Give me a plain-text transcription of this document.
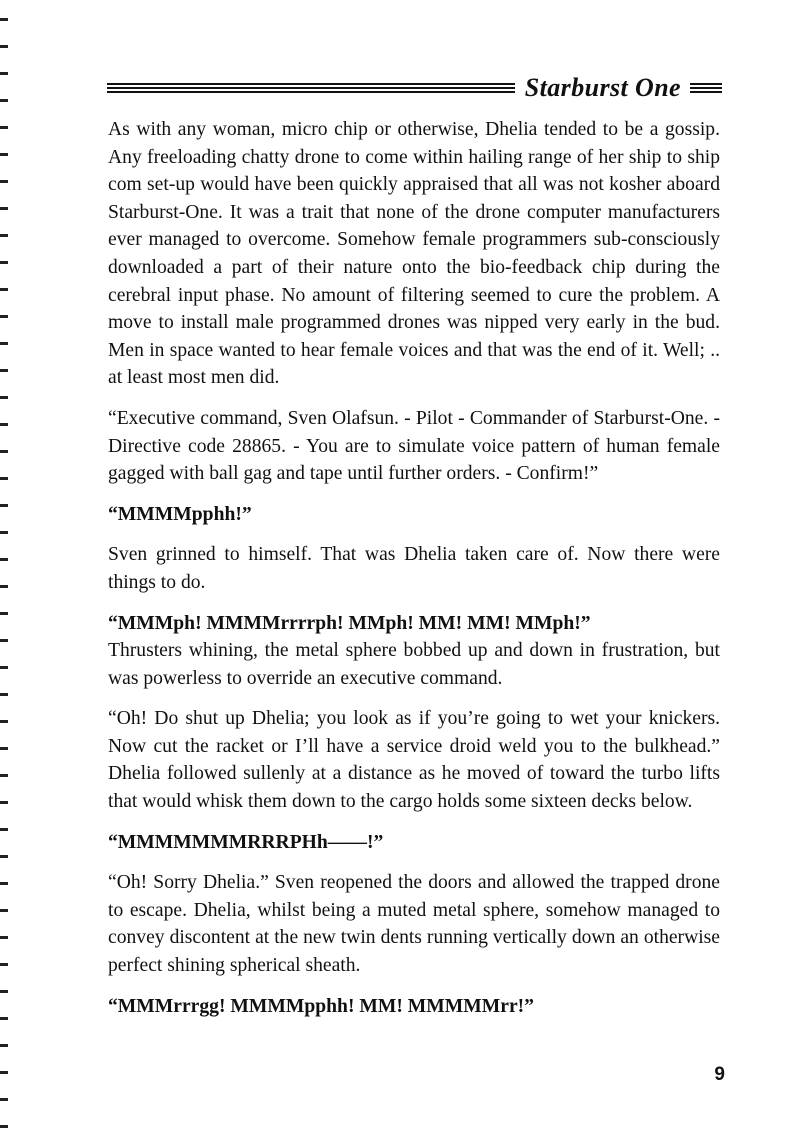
Starburst One

As with any woman, micro chip or otherwise, Dhelia tended to be a gossip. Any freeloading chatty drone to come within hailing range of her ship to ship com set-up would have been quickly appraised that all was not kosher aboard Starburst-One. It was a trait that none of the drone computer manufacturers ever managed to overcome. Somehow female programmers sub-consciously downloaded a part of their nature onto the bio-feedback chip during the cerebral input phase. No amount of filtering seemed to cure the problem. A move to install male programmed drones was nipped very early in the bud. Men in space wanted to hear female voices and that was the end of it. Well; .. at least most men did.

“Executive command, Sven Olafsun. - Pilot - Commander of Starburst-One. - Directive code 28865. - You are to simulate voice pattern of human female gagged with ball gag and tape until further orders. - Confirm!”

“MMMMpphh!”

Sven grinned to himself. That was Dhelia taken care of. Now there were things to do.

“MMMph! MMMMrrrrph! MMph! MM! MM! MMph!”

Thrusters whining, the metal sphere bobbed up and down in frustration, but was powerless to override an executive command.

“Oh! Do shut up Dhelia; you look as if you’re going to wet your knickers. Now cut the racket or I’ll have a service droid weld you to the bulkhead.” Dhelia followed sullenly at a distance as he moved of toward the turbo lifts that would whisk them down to the cargo holds some sixteen decks below.

“MMMMMMMRRRPHh——!”

“Oh! Sorry Dhelia.” Sven reopened the doors and allowed the trapped drone to escape. Dhelia, whilst being a muted metal sphere, somehow managed to convey discontent at the new twin dents running vertically down an otherwise perfect shining spherical sheath.

“MMMrrrgg! MMMMpphh! MM! MMMMMrr!”

9
